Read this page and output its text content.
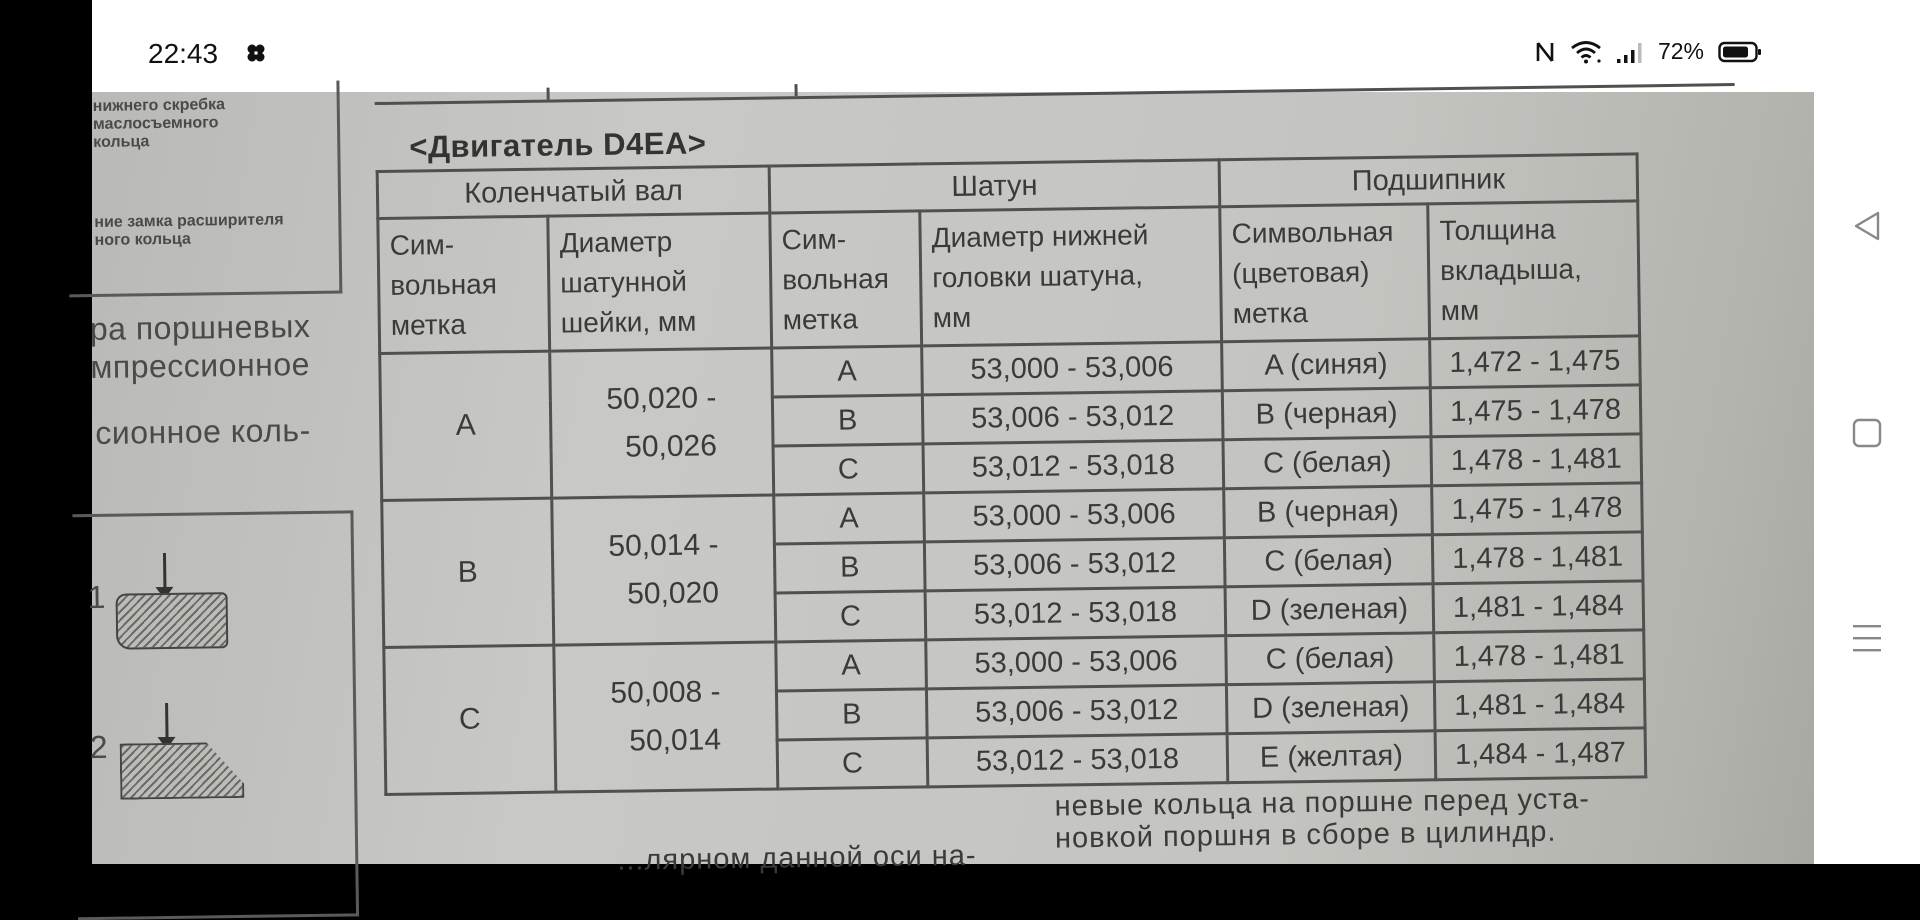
22:43	72%
нижнего скребка
маслосъемного
кольца
ние замка расширителя
ного кольца
ра поршневых
мпрессионное
сионное коль-
1
2
<Двигатель D4EA>
Коленчатый вал		Шатун		Подшипник	
Сим-
вольная
метка	Диаметр
шатунной
шейки, мм	Сим-
вольная
метка	Диаметр нижней
головки шатуна,
мм	Символьная
(цветовая)
метка	Толщина
вкладыша,
мм
A	50,020 -
50,026	A	53,000 - 53,006	A (синяя)	1,472 - 1,475
		B	53,006 - 53,012	B (черная)	1,475 - 1,478
		C	53,012 - 53,018	C (белая)	1,478 - 1,481
B	50,014 -
50,020	A	53,000 - 53,006	B (черная)	1,475 - 1,478
		B	53,006 - 53,012	C (белая)	1,478 - 1,481
		C	53,012 - 53,018	D (зеленая)	1,481 - 1,484
C	50,008 -
50,014	A	53,000 - 53,006	C (белая)	1,478 - 1,481
		B	53,006 - 53,012	D (зеленая)	1,481 - 1,484
		C	53,012 - 53,018	E (желтая)	1,484 - 1,487
...лярном данной оси на-
невые кольца на поршне перед уста-
новкой поршня в сборе в цилиндр.
